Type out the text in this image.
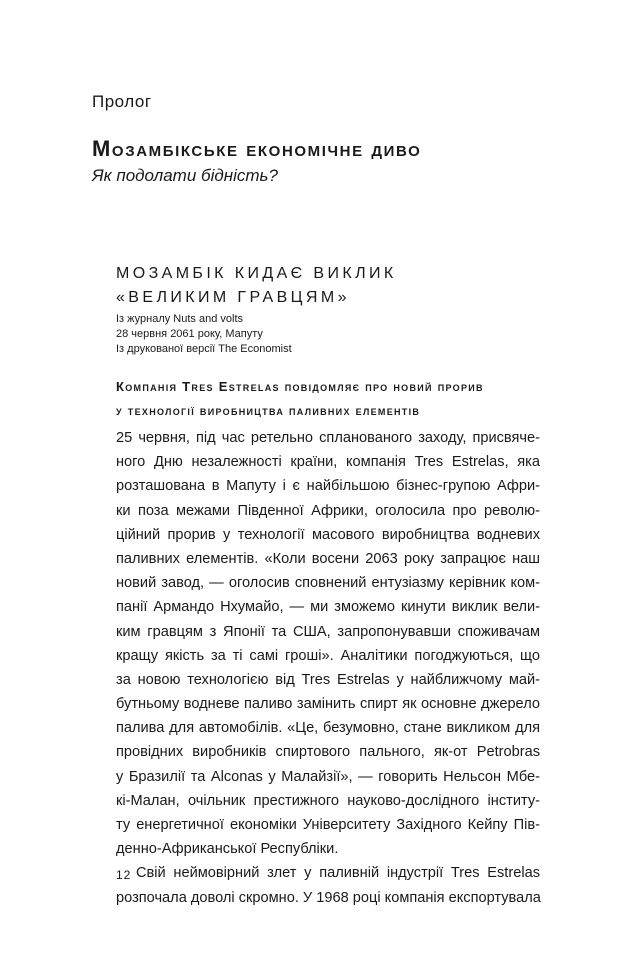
Пролог
Мозамбікське економічне диво
Як подолати бідність?
МОЗАМБІК КИДАЄ ВИКЛИК
«ВЕЛИКИМ ГРАВЦЯМ»
Із журналу Nuts and volts
28 червня 2061 року, Мапуту
Із друкованої версії The Economist
Компанія Tres Estrelas повідомляє про новий прорив
у технології виробництва паливних елементів
25 червня, під час ретельно спланованого заходу, присвяче-
ного Дню незалежності країни, компанія Tres Estrelas, яка
розташована в Мапуту і є найбільшою бізнес-групою Афри-
ки поза межами Південної Африки, оголосила про револю-
ційний прорив у технології масового виробництва водневих
паливних елементів. «Коли восени 2063 року запрацює наш
новий завод, — оголосив сповнений ентузіазму керівник ком-
панії Армандо Нхумайо, — ми зможемо кинути виклик вели-
ким гравцям з Японії та США, запропонувавши споживачам
кращу якість за ті самі гроші». Аналітики погоджуються, що
за новою технологією від Tres Estrelas у найближчому май-
бутньому водневе паливо замінить спирт як основне джерело
палива для автомобілів. «Це, безумовно, стане викликом для
провідних виробників спиртового пального, як-от Petrobras
у Бразилії та Alconas у Малайзії», — говорить Нельсон Мбе-
кі-Малан, очільник престижного науково-дослідного інститу-
ту енергетичної економіки Університету Західного Кейпу Пів-
денно-Африканської Республіки.
Свій неймовірний злет у паливній індустрії Tres Estrelas
розпочала доволі скромно. У 1968 році компанія експортувала
12
